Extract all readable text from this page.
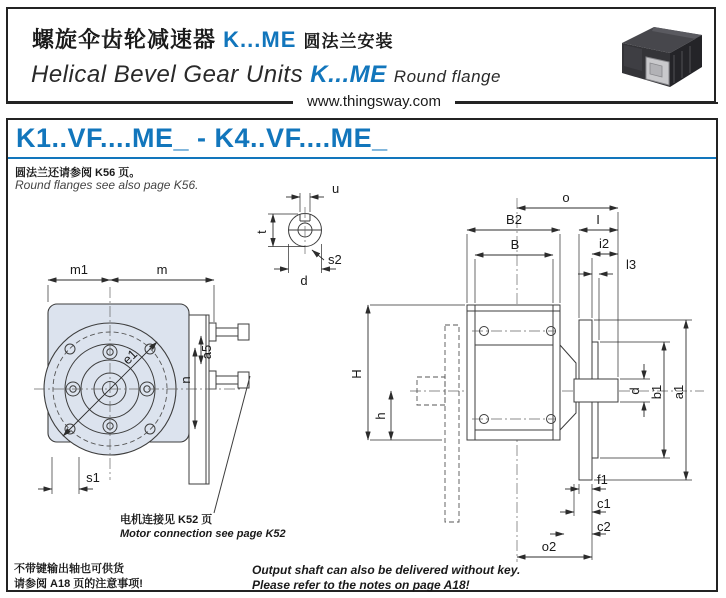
螺旋伞齿轮减速器 K...ME 圆法兰安装
Helical Bevel Gear Units K...ME Round flange
www.thingsway.com
K1..VF....ME_ - K4..VF....ME_
圆法兰还请参阅 K56 页。
Round flanges see also page K56.
m1	m
e1
n
a5
s1
u
t
s2
d
o
B2	I
B	i2
l3
H
h
d b1 a1
f1
c1
c2
o2
电机连接见 K52 页
Motor connection see page K52
不带键输出轴也可供货
请参阅 A18 页的注意事项!
Output shaft can also be delivered without key.
Please refer to the notes on page A18!
